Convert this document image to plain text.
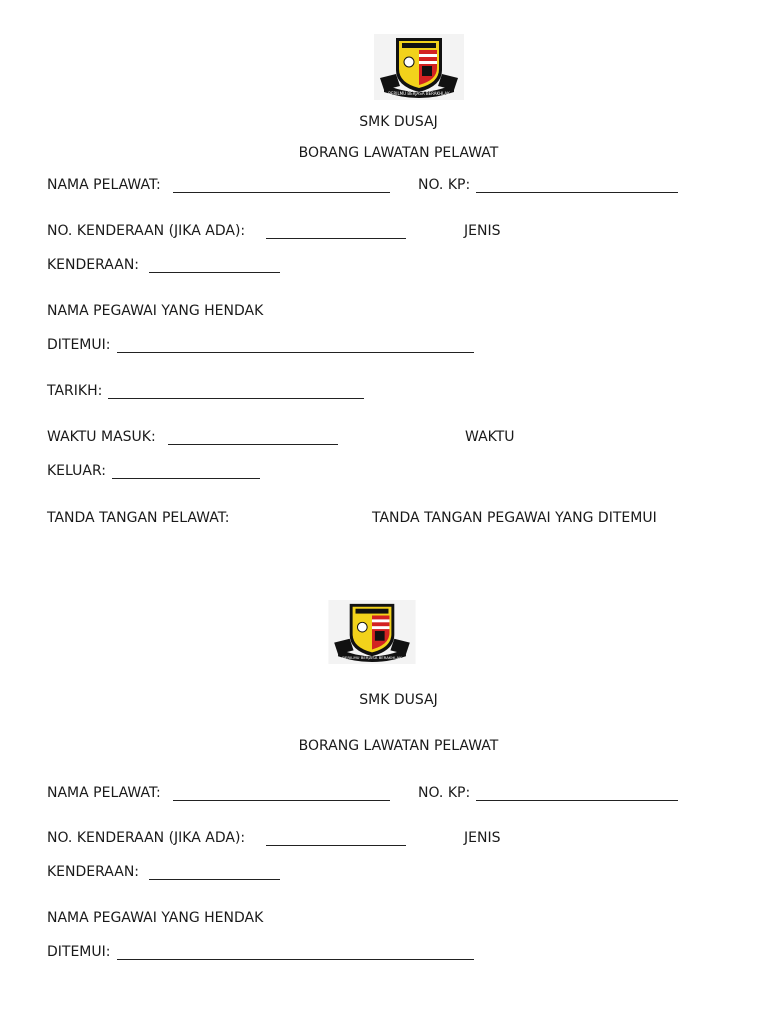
BERILMU BERJASA BERAKHLAK
SMK DUSAJ
BORANG LAWATAN PELAWAT
NAMA PELAWAT:	NO. KP:
NO. KENDERAAN (JIKA ADA):	JENIS
KENDERAAN:
NAMA PEGAWAI YANG HENDAK
DITEMUI:
TARIKH:
WAKTU MASUK:	WAKTU
KELUAR:
TANDA TANGAN PELAWAT:	TANDA TANGAN PEGAWAI YANG DITEMUI
BERILMU BERJASA BERAKHLAK
SMK DUSAJ
BORANG LAWATAN PELAWAT
NAMA PELAWAT:	NO. KP:
NO. KENDERAAN (JIKA ADA):	JENIS
KENDERAAN:
NAMA PEGAWAI YANG HENDAK
DITEMUI:
